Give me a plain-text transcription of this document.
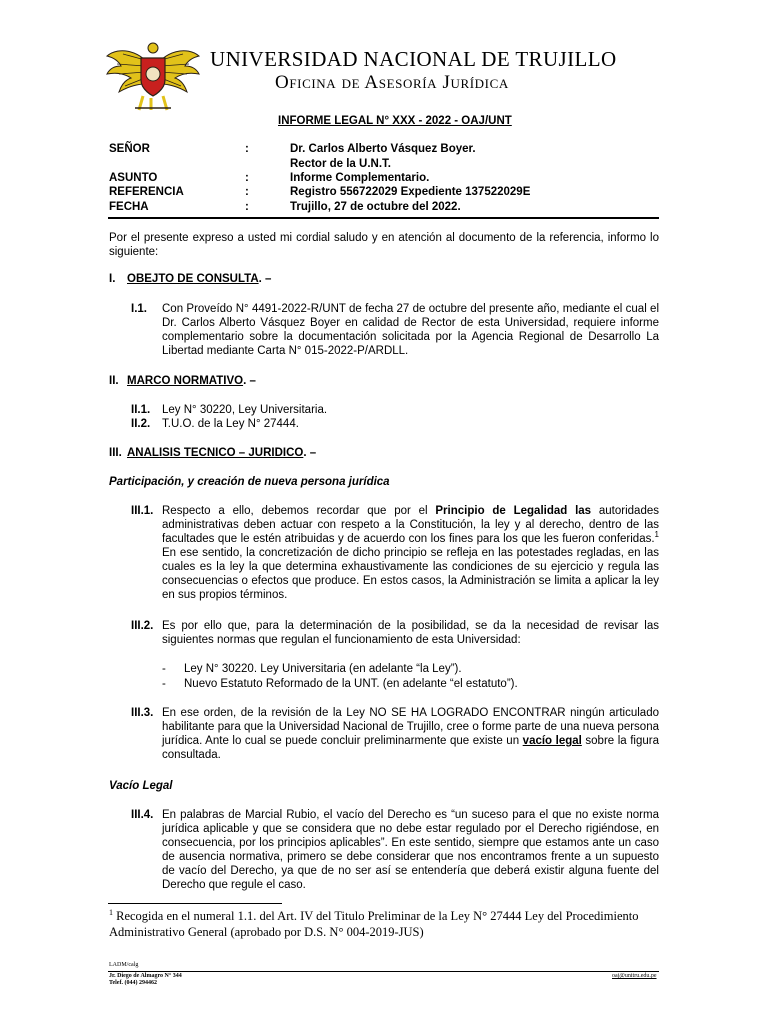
UNIVERSIDAD NACIONAL DE TRUJILLO
Oficina de Asesoría Jurídica
INFORME LEGAL N° XXX - 2022 - OAJ/UNT
SEÑOR	:	Dr. Carlos Alberto Vásquez Boyer.
Rector de la U.N.T.
ASUNTO	:	Informe Complementario.
REFERENCIA	:	Registro 556722029 Expediente 137522029E
FECHA	:	Trujillo, 27 de octubre del 2022.
Por el presente expreso a usted mi cordial saludo y en atención al documento de la referencia, informo lo siguiente:
I. OBEJTO DE CONSULTA. –
I.1. Con Proveído N° 4491-2022-R/UNT de fecha 27 de octubre del presente año, mediante el cual el Dr. Carlos Alberto Vásquez Boyer en calidad de Rector de esta Universidad, requiere informe complementario sobre la documentación solicitada por la Agencia Regional de Desarrollo La Libertad mediante Carta N° 015-2022-P/ARDLL.
II. MARCO NORMATIVO. –
II.1. Ley N° 30220, Ley Universitaria.
II.2. T.U.O. de la Ley N° 27444.
III. ANALISIS TECNICO – JURIDICO. –
Participación, y creación de nueva persona jurídica
III.1. Respecto a ello, debemos recordar que por el Principio de Legalidad las autoridades administrativas deben actuar con respeto a la Constitución, la ley y al derecho, dentro de las facultades que le estén atribuidas y de acuerdo con los fines para los que les fueron conferidas.$^1$ En ese sentido, la concretización de dicho principio se refleja en las potestades regladas, en las cuales es la ley la que determina exhaustivamente las condiciones de su ejercicio y regula las consecuencias o efectos que produce. En estos casos, la Administración se limita a aplicar la ley en sus propios términos.
III.2. Es por ello que, para la determinación de la posibilidad, se da la necesidad de revisar las siguientes normas que regulan el funcionamiento de esta Universidad:
- Ley N° 30220. Ley Universitaria (en adelante “la Ley”).
- Nuevo Estatuto Reformado de la UNT. (en adelante “el estatuto”).
III.3. En ese orden, de la revisión de la Ley NO SE HA LOGRADO ENCONTRAR ningún articulado habilitante para que la Universidad Nacional de Trujillo, cree o forme parte de una nueva persona jurídica. Ante lo cual se puede concluir preliminarmente que existe un vacío legal sobre la figura consultada.
Vacío Legal
III.4. En palabras de Marcial Rubio, el vacío del Derecho es “un suceso para el que no existe norma jurídica aplicable y que se considera que no debe estar regulado por el Derecho rigiéndose, en consecuencia, por los principios aplicables”. En este sentido, siempre que estamos ante un caso de ausencia normativa, primero se debe considerar que nos encontramos frente a un supuesto de vacío del Derecho, ya que de no ser así se entendería que deberá existir alguna fuente del Derecho que regule el caso.
$^1$ Recogida en el numeral 1.1. del Art. IV del Titulo Preliminar de la Ley N° 27444 Ley del Procedimiento Administrativo General (aprobado por D.S. N° 004-2019-JUS)
LADM/calg
Jr. Diego de Almagro N° 344
Telef. (044) 294462
oaj@unitru.edu.pe
